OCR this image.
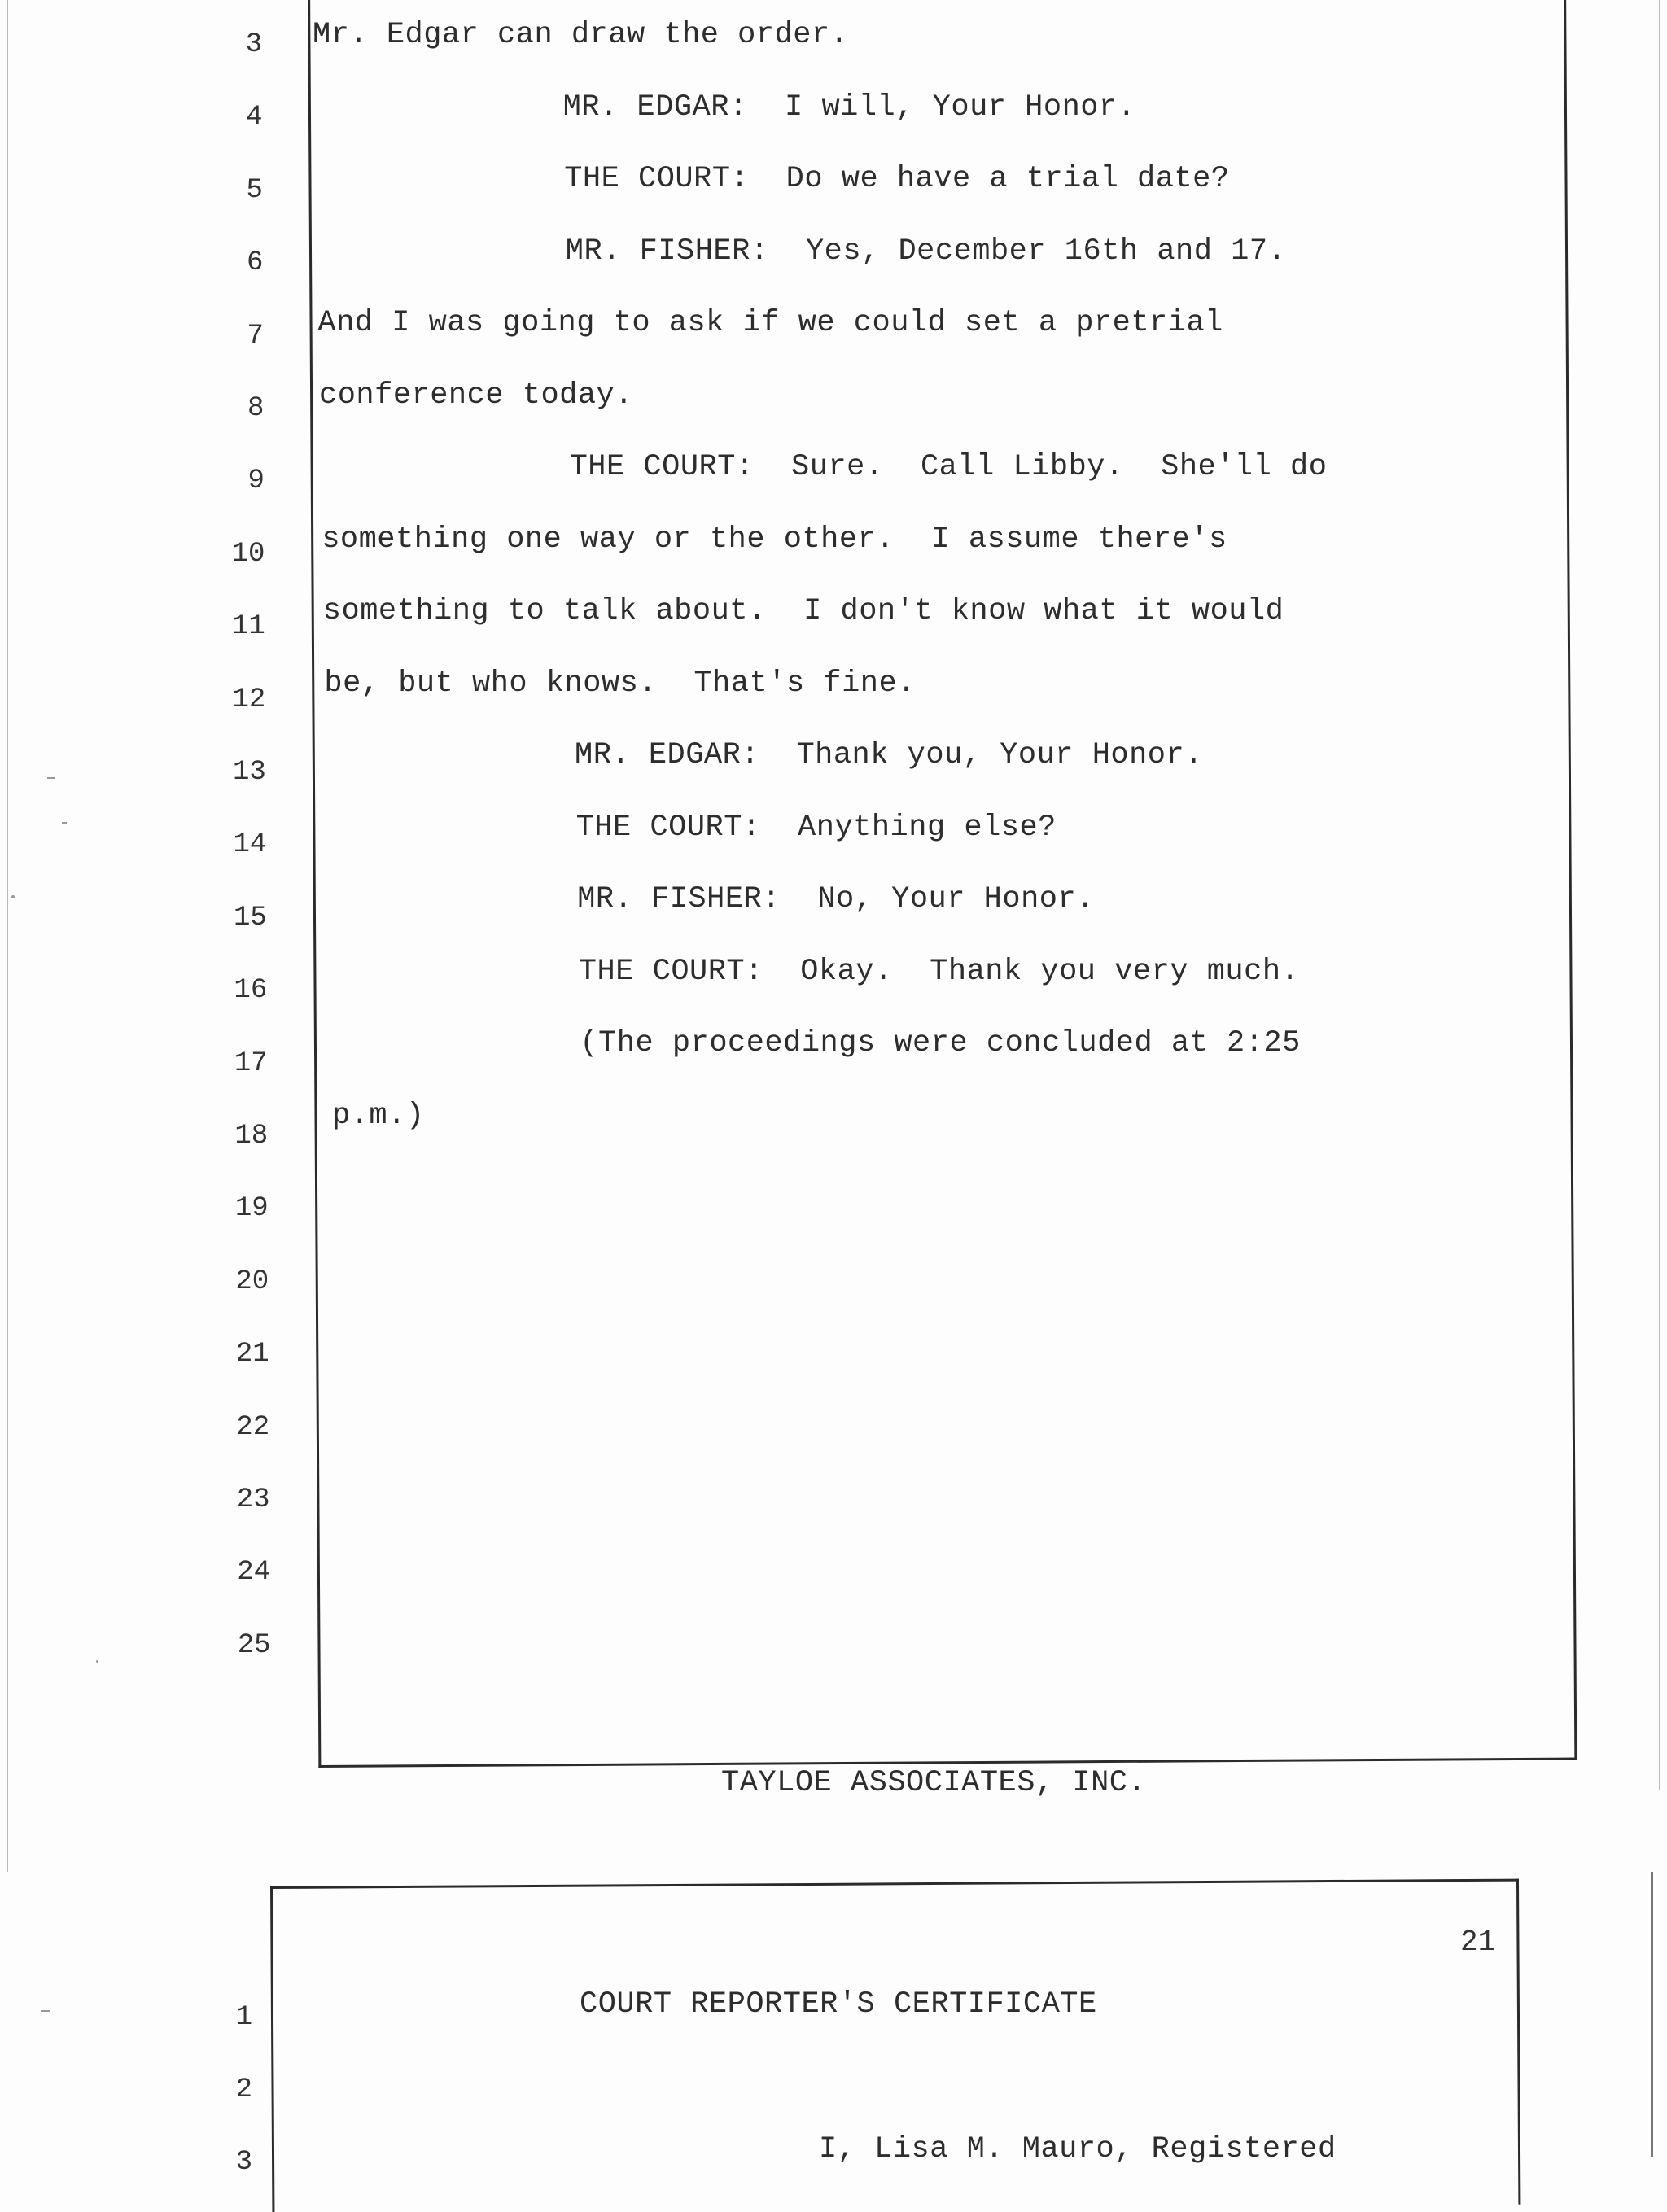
3 Mr. Edgar can draw the order.
4	MR. EDGAR:  I will, Your Honor.
5	THE COURT:  Do we have a trial date?
6	MR. FISHER:  Yes, December 16th and 17.
7 And I was going to ask if we could set a pretrial
8 conference today.
9	THE COURT:  Sure.  Call Libby.  She'll do
10 something one way or the other.  I assume there's
11 something to talk about.  I don't know what it would
12 be, but who knows.  That's fine.
13	MR. EDGAR:  Thank you, Your Honor.
14
THE COURT:  Anything else?
15
MR. FISHER:  No, Your Honor.
16
THE COURT:  Okay.  Thank you very much.
17
(The proceedings were concluded at 2:25
18
p.m.)
19
20
21
22
23
24
25
TAYLOE ASSOCIATES, INC.
21
1	COURT REPORTER'S CERTIFICATE
2
3	I, Lisa M. Mauro, Registered
